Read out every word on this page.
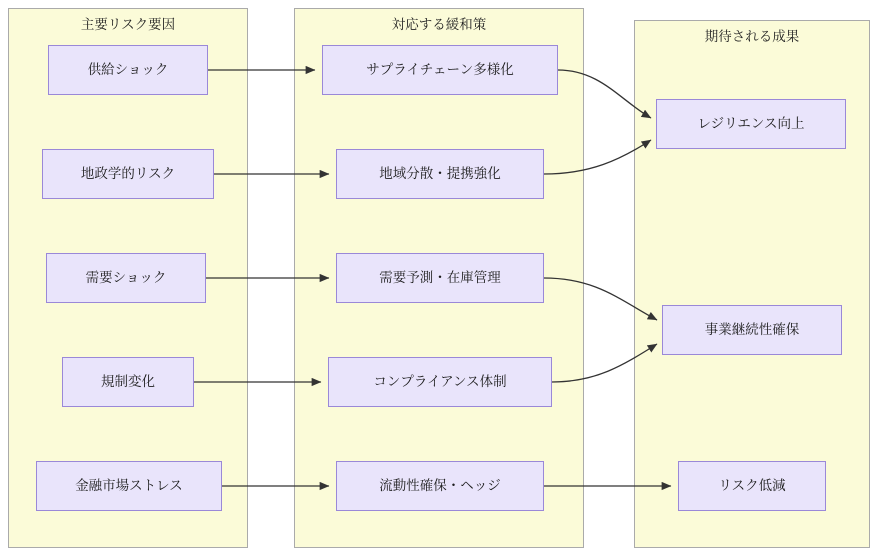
主要リスク要因	対応する緩和策
期待される成果
供給ショック
地政学的リスク
需要ショック
規制変化
金融市場ストレス
サプライチェーン多様化
地域分散・提携強化
需要予測・在庫管理
コンプライアンス体制
流動性確保・ヘッジ
レジリエンス向上
事業継続性確保
リスク低減
